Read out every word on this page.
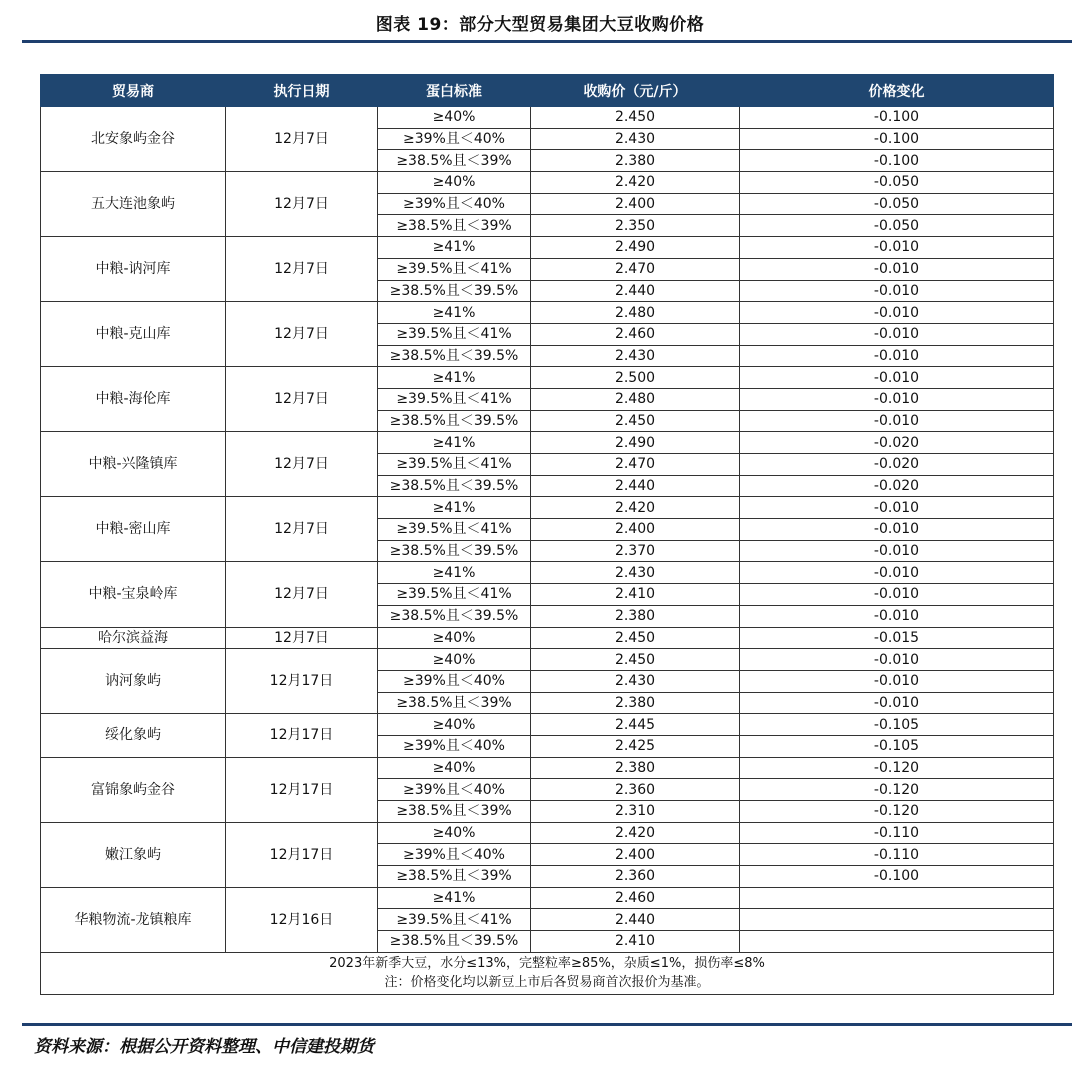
图表 19：部分大型贸易集团大豆收购价格
贸易商	执行日期	蛋白标准	收购价（元/斤）	价格变化
北安象屿金谷	12月7日	≥40%	2.450	-0.100
		≥39%且＜40%	2.430	-0.100
		≥38.5%且＜39%	2.380	-0.100
五大连池象屿	12月7日	≥40%	2.420	-0.050
		≥39%且＜40%	2.400	-0.050
		≥38.5%且＜39%	2.350	-0.050
中粮-讷河库	12月7日	≥41%	2.490	-0.010
		≥39.5%且＜41%	2.470	-0.010
		≥38.5%且＜39.5%	2.440	-0.010
中粮-克山库	12月7日	≥41%	2.480	-0.010
		≥39.5%且＜41%	2.460	-0.010
		≥38.5%且＜39.5%	2.430	-0.010
中粮-海伦库	12月7日	≥41%	2.500	-0.010
		≥39.5%且＜41%	2.480	-0.010
		≥38.5%且＜39.5%	2.450	-0.010
中粮-兴隆镇库	12月7日	≥41%	2.490	-0.020
		≥39.5%且＜41%	2.470	-0.020
		≥38.5%且＜39.5%	2.440	-0.020
中粮-密山库	12月7日	≥41%	2.420	-0.010
		≥39.5%且＜41%	2.400	-0.010
		≥38.5%且＜39.5%	2.370	-0.010
中粮-宝泉岭库	12月7日	≥41%	2.430	-0.010
		≥39.5%且＜41%	2.410	-0.010
		≥38.5%且＜39.5%	2.380	-0.010
哈尔滨益海	12月7日	≥40%	2.450	-0.015
讷河象屿	12月17日	≥40%	2.450	-0.010
		≥39%且＜40%	2.430	-0.010
		≥38.5%且＜39%	2.380	-0.010
绥化象屿	12月17日	≥40%	2.445	-0.105
		≥39%且＜40%	2.425	-0.105
富锦象屿金谷	12月17日	≥40%	2.380	-0.120
		≥39%且＜40%	2.360	-0.120
		≥38.5%且＜39%	2.310	-0.120
嫩江象屿	12月17日	≥40%	2.420	-0.110
		≥39%且＜40%	2.400	-0.110
		≥38.5%且＜39%	2.360	-0.100
华粮物流-龙镇粮库	12月16日	≥41%	2.460	
		≥39.5%且＜41%	2.440	
		≥38.5%且＜39.5%	2.410	

2023年新季大豆，水分≤13%，完整粒率≥85%，杂质≤1%，损伤率≤8%
注：价格变化均以新豆上市后各贸易商首次报价为基准。				
资料来源：根据公开资料整理、中信建投期货
